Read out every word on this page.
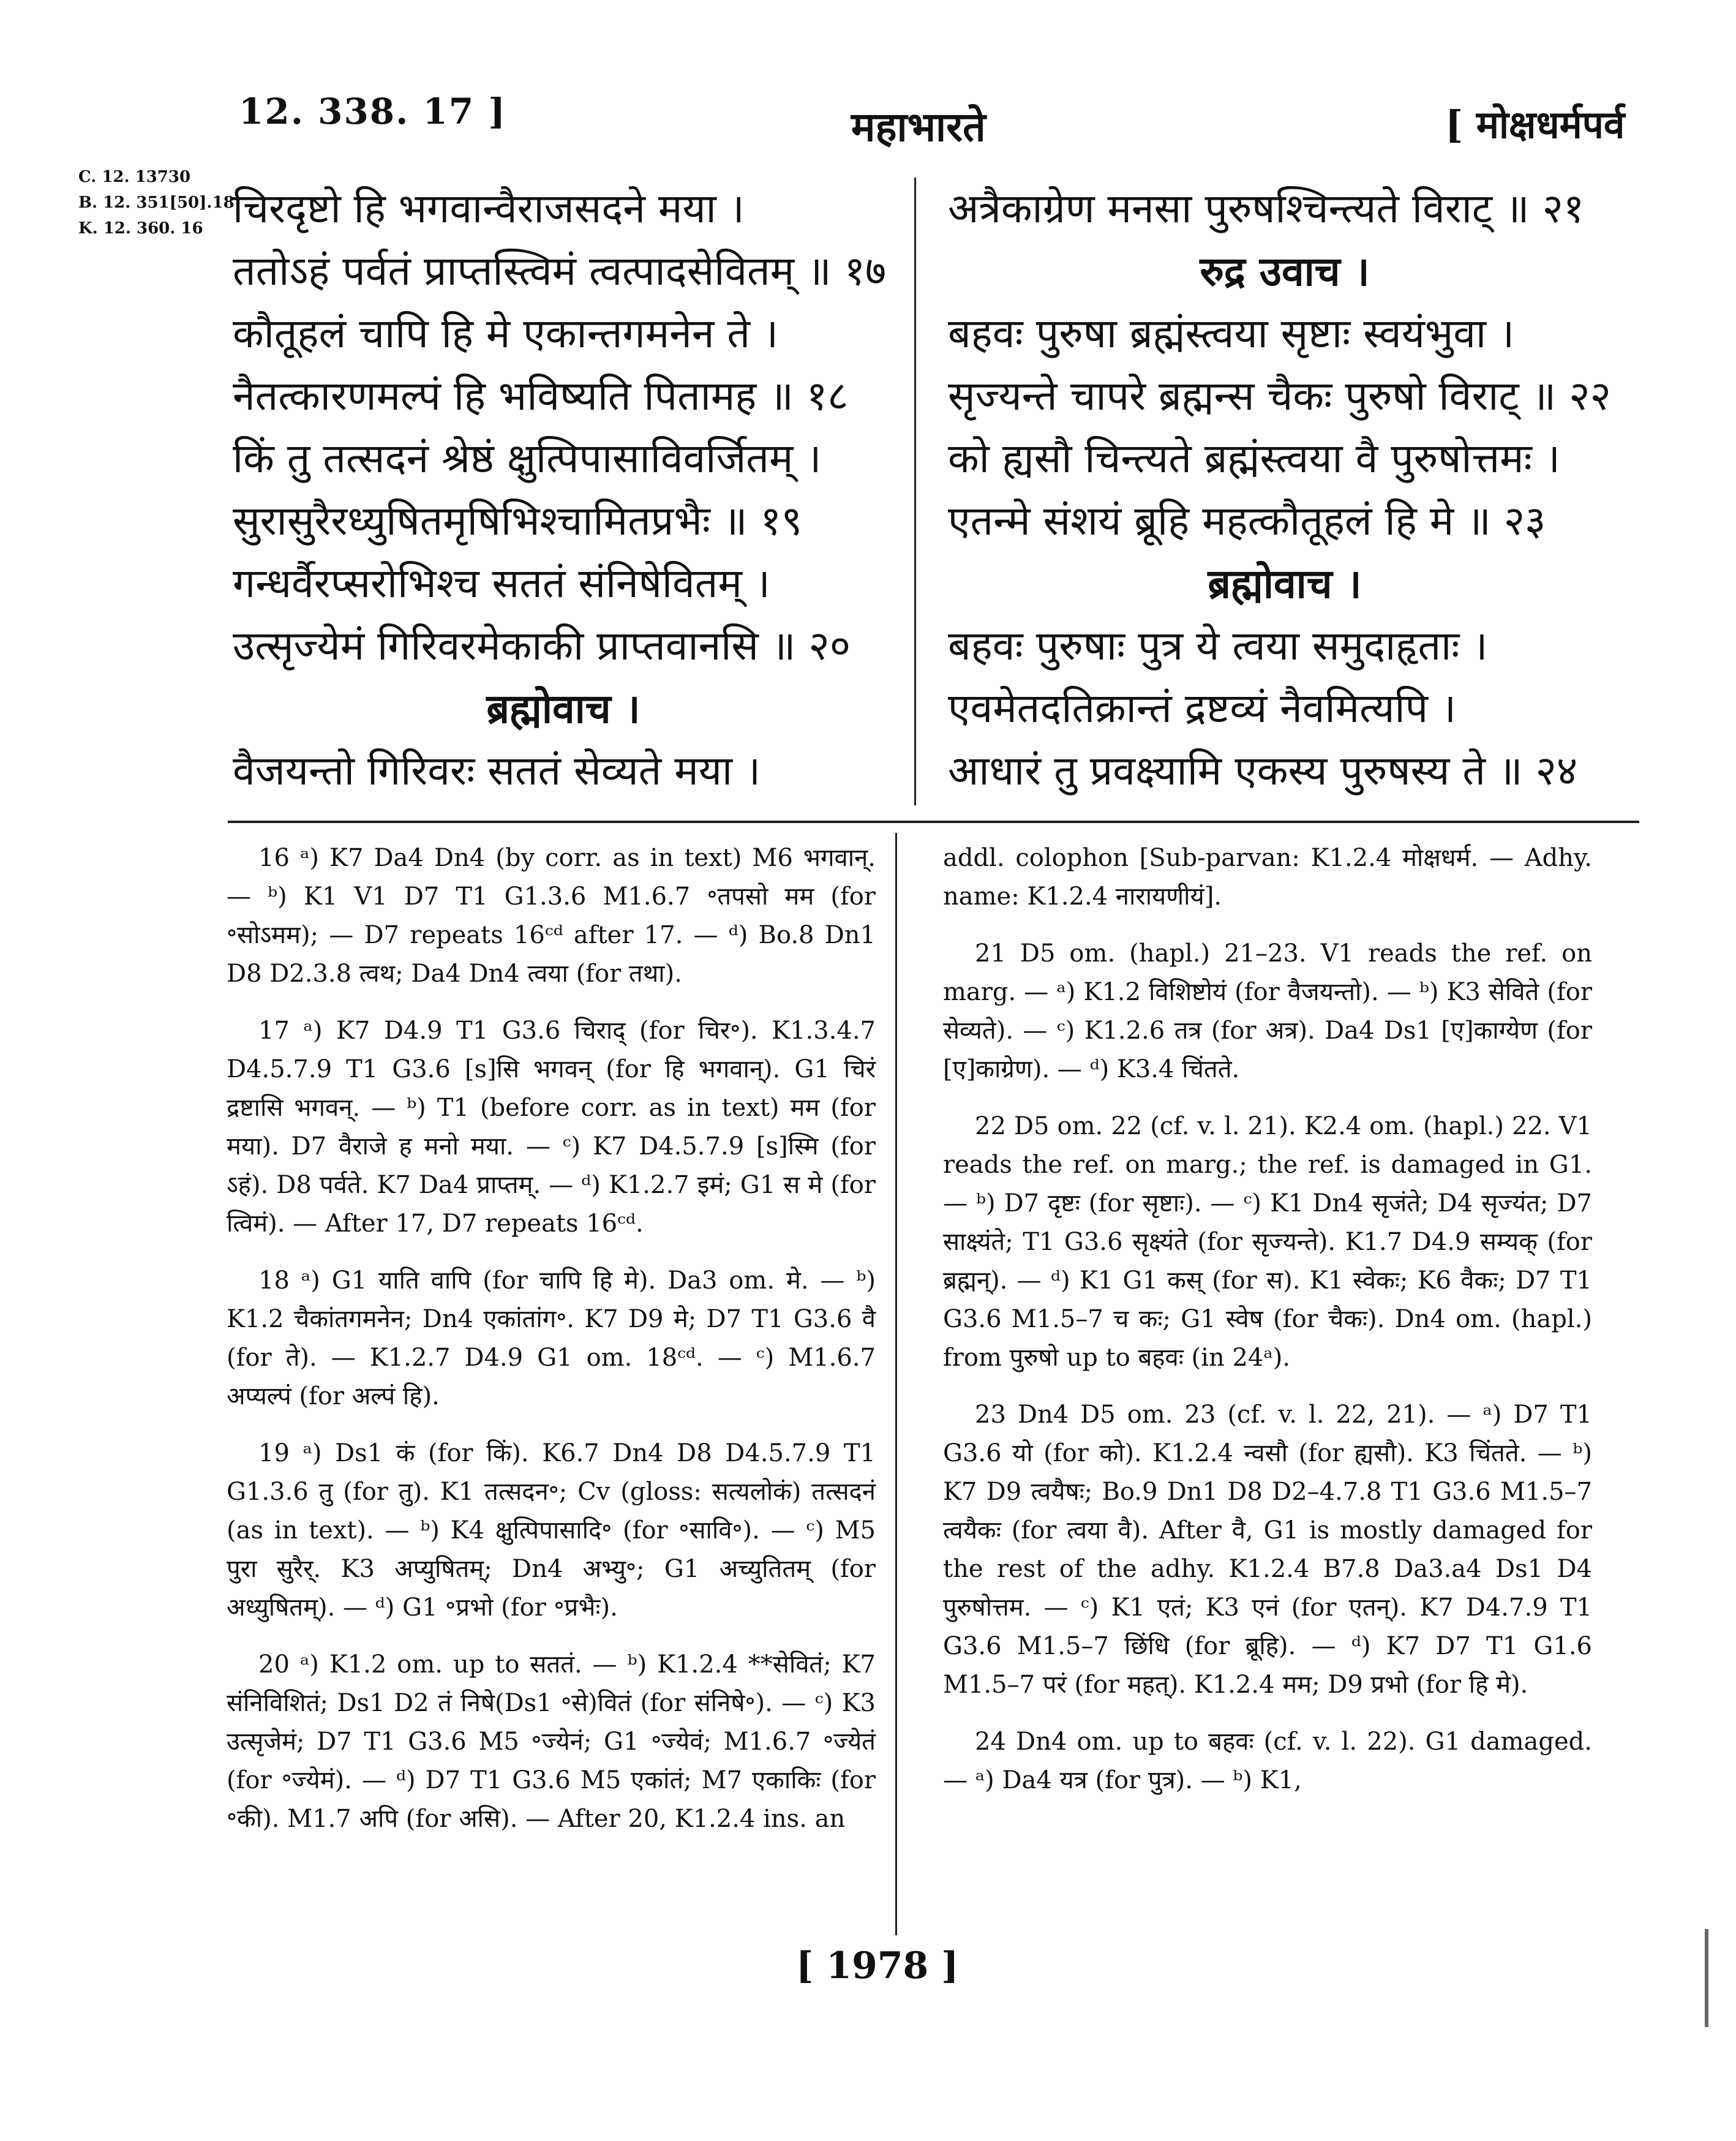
12. 338. 17 ]	महाभारते	[ मोक्षधर्मपर्व
C. 12. 13730
B. 12. 351[50].18
K. 12. 360. 16 चिरदृष्टो हि भगवान्वैराजसदने मया ।
ततोऽहं पर्वतं प्राप्तस्त्विमं त्वत्पादसेवितम् ॥ १७
कौतूहलं चापि हि मे एकान्तगमनेन ते ।
नैतत्कारणमल्पं हि भविष्यति पितामह ॥ १८
किं तु तत्सदनं श्रेष्ठं क्षुत्पिपासाविवर्जितम् ।
सुरासुरैरध्युषितमृषिभिश्चामितप्रभैः ॥ १९
गन्धर्वैरप्सरोभिश्च सततं संनिषेवितम् ।
उत्सृज्येमं गिरिवरमेकाकी प्राप्तवानसि ॥ २०
ब्रह्मोवाच ।
वैजयन्तो गिरिवरः सततं सेव्यते मया ।
अत्रैकाग्रेण मनसा पुरुषश्चिन्त्यते विराट् ॥ २१
रुद्र उवाच ।
बहवः पुरुषा ब्रह्मंस्त्वया सृष्टाः स्वयंभुवा ।
सृज्यन्ते चापरे ब्रह्मन्स चैकः पुरुषो विराट् ॥ २२
को ह्यसौ चिन्त्यते ब्रह्मंस्त्वया वै पुरुषोत्तमः ।
एतन्मे संशयं ब्रूहि महत्कौतूहलं हि मे ॥ २३
ब्रह्मोवाच ।
बहवः पुरुषाः पुत्र ये त्वया समुदाहृताः ।
एवमेतदतिक्रान्तं द्रष्टव्यं नैवमित्यपि ।
आधारं तु प्रवक्ष्यामि एकस्य पुरुषस्य ते ॥ २४

16 ᵃ) K7 Da4 Dn4 (by corr. as in text) M6 भगवान्. — ᵇ) K1 V1 D7 T1 G1.3.6 M1.6.7 ॰तपसो मम (for ॰सोऽमम); — D7 repeats 16ᶜᵈ after 17. — ᵈ) Bo.8 Dn1 D8 D2.3.8 त्वथ; Da4 Dn4 त्वया (for तथा).

17 ᵃ) K7 D4.9 T1 G3.6 चिराद् (for चिर॰). K1.3.4.7 D4.5.7.9 T1 G3.6 [s]सि भगवन् (for हि भगवान्). G1 चिरं द्रष्टासि भगवन्. — ᵇ) T1 (before corr. as in text) मम (for मया). D7 वैराजे ह मनो मया. — ᶜ) K7 D4.5.7.9 [s]स्मि (for ऽहं). D8 पर्वते. K7 Da4 प्राप्तम्. — ᵈ) K1.2.7 इमं; G1 स मे (for त्विमं). — After 17, D7 repeats 16ᶜᵈ.

18 ᵃ) G1 याति वापि (for चापि हि मे). Da3 om. मे. — ᵇ) K1.2 चैकांतगमनेन; Dn4 एकांतांग॰. K7 D9 मे; D7 T1 G3.6 वै (for ते). — K1.2.7 D4.9 G1 om. 18ᶜᵈ. — ᶜ) M1.6.7 अप्यल्पं (for अल्पं हि).

19 ᵃ) Ds1 कं (for किं). K6.7 Dn4 D8 D4.5.7.9 T1 G1.3.6 तु (for तु). K1 तत्सदन॰; Cv (gloss: सत्यलोकं) तत्सदनं (as in text). — ᵇ) K4 क्षुत्पिपासादि॰ (for ॰सावि॰). — ᶜ) M5 पुरा सुरैर्. K3 अप्युषितम्; Dn4 अभ्यु॰; G1 अच्युतितम् (for अध्युषितम्). — ᵈ) G1 ॰प्रभो (for ॰प्रभैः).

20 ᵃ) K1.2 om. up to सततं. — ᵇ) K1.2.4 **सेवितं; K7 संनिविशितं; Ds1 D2 तं निषे(Ds1 ॰से)वितं (for संनिषे॰). — ᶜ) K3 उत्सृजेमं; D7 T1 G3.6 M5 ॰ज्येनं; G1 ॰ज्येवं; M1.6.7 ॰ज्येतं (for ॰ज्येमं). — ᵈ) D7 T1 G3.6 M5 एकांतं; M7 एकाकिः (for ॰की). M1.7 अपि (for असि). — After 20, K1.2.4 ins. an

addl. colophon [Sub-parvan: K1.2.4 मोक्षधर्म. — Adhy. name: K1.2.4 नारायणीयं].

21 D5 om. (hapl.) 21–23. V1 reads the ref. on marg. — ᵃ) K1.2 विशिष्टोयं (for वैजयन्तो). — ᵇ) K3 सेविते (for सेव्यते). — ᶜ) K1.2.6 तत्र (for अत्र). Da4 Ds1 [ए]काग्येण (for [ए]काग्रेण). — ᵈ) K3.4 चिंतते.

22 D5 om. 22 (cf. v. l. 21). K2.4 om. (hapl.) 22. V1 reads the ref. on marg.; the ref. is damaged in G1. — ᵇ) D7 दृष्टः (for सृष्टाः). — ᶜ) K1 Dn4 सृजंते; D4 सृज्यंत; D7 साक्ष्यंते; T1 G3.6 सृक्ष्यंते (for सृज्यन्ते). K1.7 D4.9 सम्यक् (for ब्रह्मन्). — ᵈ) K1 G1 कस् (for स). K1 स्वेकः; K6 वैकः; D7 T1 G3.6 M1.5–7 च कः; G1 स्वेष (for चैकः). Dn4 om. (hapl.) from पुरुषो up to बहवः (in 24ᵃ).

23 Dn4 D5 om. 23 (cf. v. l. 22, 21). — ᵃ) D7 T1 G3.6 यो (for को). K1.2.4 न्वसौ (for ह्यसौ). K3 चिंतते. — ᵇ) K7 D9 त्वयैषः; Bo.9 Dn1 D8 D2–4.7.8 T1 G3.6 M1.5–7 त्वयैकः (for त्वया वै). After वै, G1 is mostly damaged for the rest of the adhy. K1.2.4 B7.8 Da3.a4 Ds1 D4 पुरुषोत्तम. — ᶜ) K1 एतं; K3 एनं (for एतन्). K7 D4.7.9 T1 G3.6 M1.5–7 छिंधि (for ब्रूहि). — ᵈ) K7 D7 T1 G1.6 M1.5–7 परं (for महत्). K1.2.4 मम; D9 प्रभो (for हि मे).

24 Dn4 om. up to बहवः (cf. v. l. 22). G1 damaged. — ᵃ) Da4 यत्र (for पुत्र). — ᵇ) K1,

[ 1978 ]
